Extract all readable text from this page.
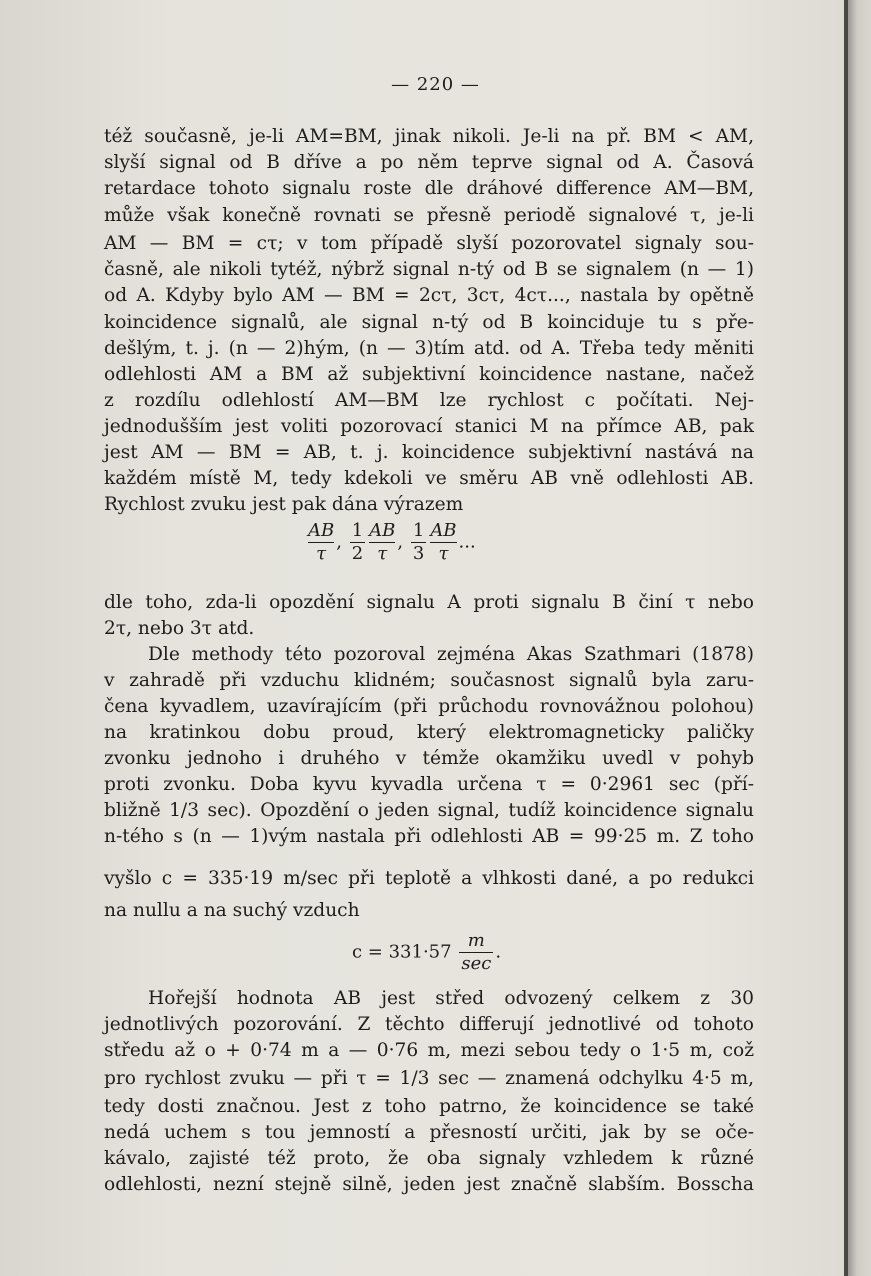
— 220 —
též současně, je-li AM=BM, jinak nikoli. Je-li na př. BM < AM,
slyší signal od B dříve a po něm teprve signal od A. Časová
retardace tohoto signalu roste dle dráhové difference AM—BM,
může však konečně rovnati se přesně periodě signalové τ, je-li
AM — BM = cτ; v tom případě slyší pozorovatel signaly sou-
časně, ale nikoli tytéž, nýbrž signal n-tý od B se signalem (n — 1)
od A. Kdyby bylo AM — BM = 2cτ, 3cτ, 4cτ..., nastala by opětně
koincidence signalů, ale signal n-tý od B koinciduje tu s pře-
dešlým, t. j. (n — 2)hým, (n — 3)tím atd. od A. Třeba tedy měniti
odlehlosti AM a BM až subjektivní koincidence nastane, načež
z rozdílu odlehlostí AM—BM lze rychlost c počítati. Nej-
jednodušším jest voliti pozorovací stanici M na přímce AB, pak
jest AM — BM = AB, t. j. koincidence subjektivní nastává na
každém místě M, tedy kdekoli ve směru AB vně odlehlosti AB.
Rychlost zvuku jest pak dána výrazem
$\frac{AB}{\tau}$ , $\frac{1}{2} \frac{AB}{\tau}$ , $\frac{1}{3} \frac{AB}{\tau}$ ...
dle toho, zda-li opozdění signalu A proti signalu B činí τ nebo
2τ, nebo 3τ atd.
Dle methody této pozoroval zejména Akas Szathmari (1878)
v zahradě při vzduchu klidném; současnost signalů byla zaru-
čena kyvadlem, uzavírajícím (při průchodu rovnovážnou polohou)
na kratinkou dobu proud, který elektromagneticky paličky
zvonku jednoho i druhého v témže okamžiku uvedl v pohyb
proti zvonku. Doba kyvu kyvadla určena τ = 0·2961 sec (pří-
bližně 1/3 sec). Opozdění o jeden signal, tudíž koincidence signalu
n-tého s (n — 1)vým nastala při odlehlosti AB = 99·25 m. Z toho
vyšlo c = 335·19 m/sec při teplotě a vlhkosti dané, a po redukci
na nullu a na suchý vzduch
$c = 331\cdot 57 \frac{m}{\sec}$ .
Hořejší hodnota AB jest střed odvozený celkem z 30
jednotlivých pozorování. Z těchto differují jednotlivé od tohoto
středu až o + 0·74 m a — 0·76 m, mezi sebou tedy o 1·5 m, což
pro rychlost zvuku — při τ = 1/3 sec — znamená odchylku 4·5 m,
tedy dosti značnou. Jest z toho patrno, že koincidence se také
nedá uchem s tou jemností a přesností určiti, jak by se oče-
kávalo, zajisté též proto, že oba signaly vzhledem k různé
odlehlosti, nezní stejně silně, jeden jest značně slabším. Bosscha
